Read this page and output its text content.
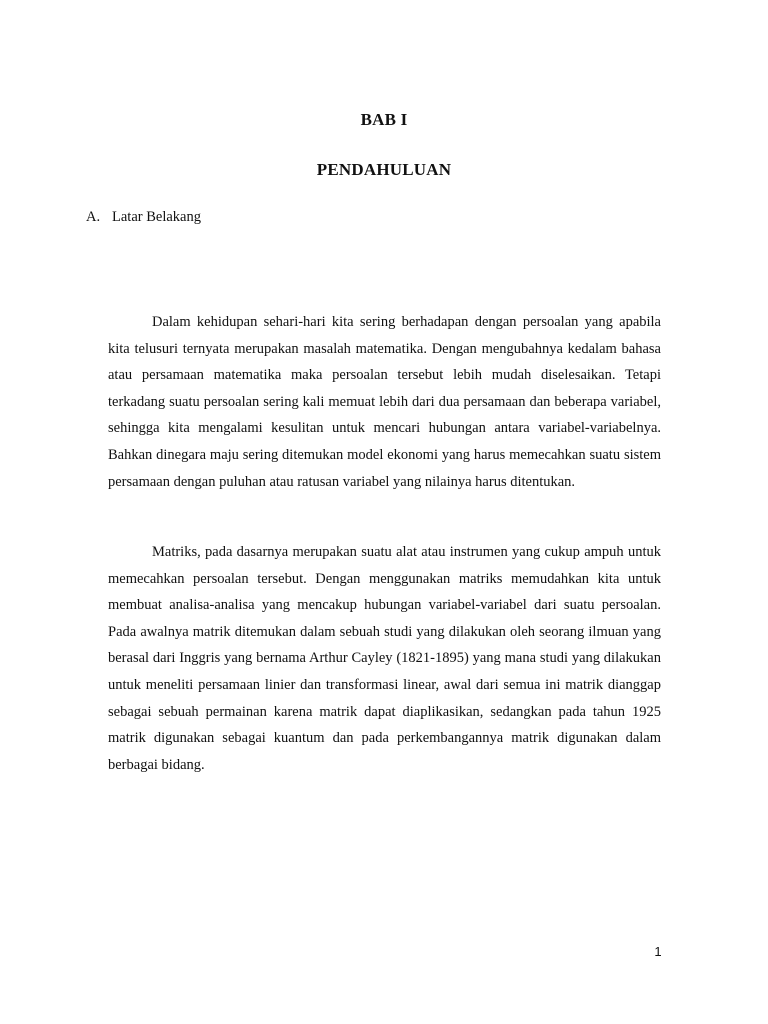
BAB I
PENDAHULUAN
A. Latar Belakang

Dalam kehidupan sehari-hari kita sering berhadapan dengan persoalan yang apabila kita telusuri ternyata merupakan masalah matematika. Dengan mengubahnya kedalam bahasa atau persamaan matematika maka persoalan tersebut lebih mudah diselesaikan. Tetapi terkadang suatu persoalan sering kali memuat lebih dari dua persamaan dan beberapa variabel, sehingga kita mengalami kesulitan untuk mencari hubungan antara variabel-variabelnya. Bahkan dinegara maju sering ditemukan model ekonomi yang harus memecahkan suatu sistem persamaan dengan puluhan atau ratusan variabel yang nilainya harus ditentukan.

Matriks, pada dasarnya merupakan suatu alat atau instrumen yang cukup ampuh untuk memecahkan persoalan tersebut. Dengan menggunakan matriks memudahkan kita untuk membuat analisa-analisa yang mencakup hubungan variabel-variabel dari suatu persoalan. Pada awalnya matrik ditemukan dalam sebuah studi yang dilakukan oleh seorang ilmuan yang berasal dari Inggris yang bernama Arthur Cayley (1821-1895) yang mana studi yang dilakukan untuk meneliti persamaan linier dan transformasi linear, awal dari semua ini matrik dianggap sebagai sebuah permainan karena matrik dapat diaplikasikan, sedangkan pada tahun 1925 matrik digunakan sebagai kuantum dan pada perkembangannya matrik digunakan dalam berbagai bidang.

1
